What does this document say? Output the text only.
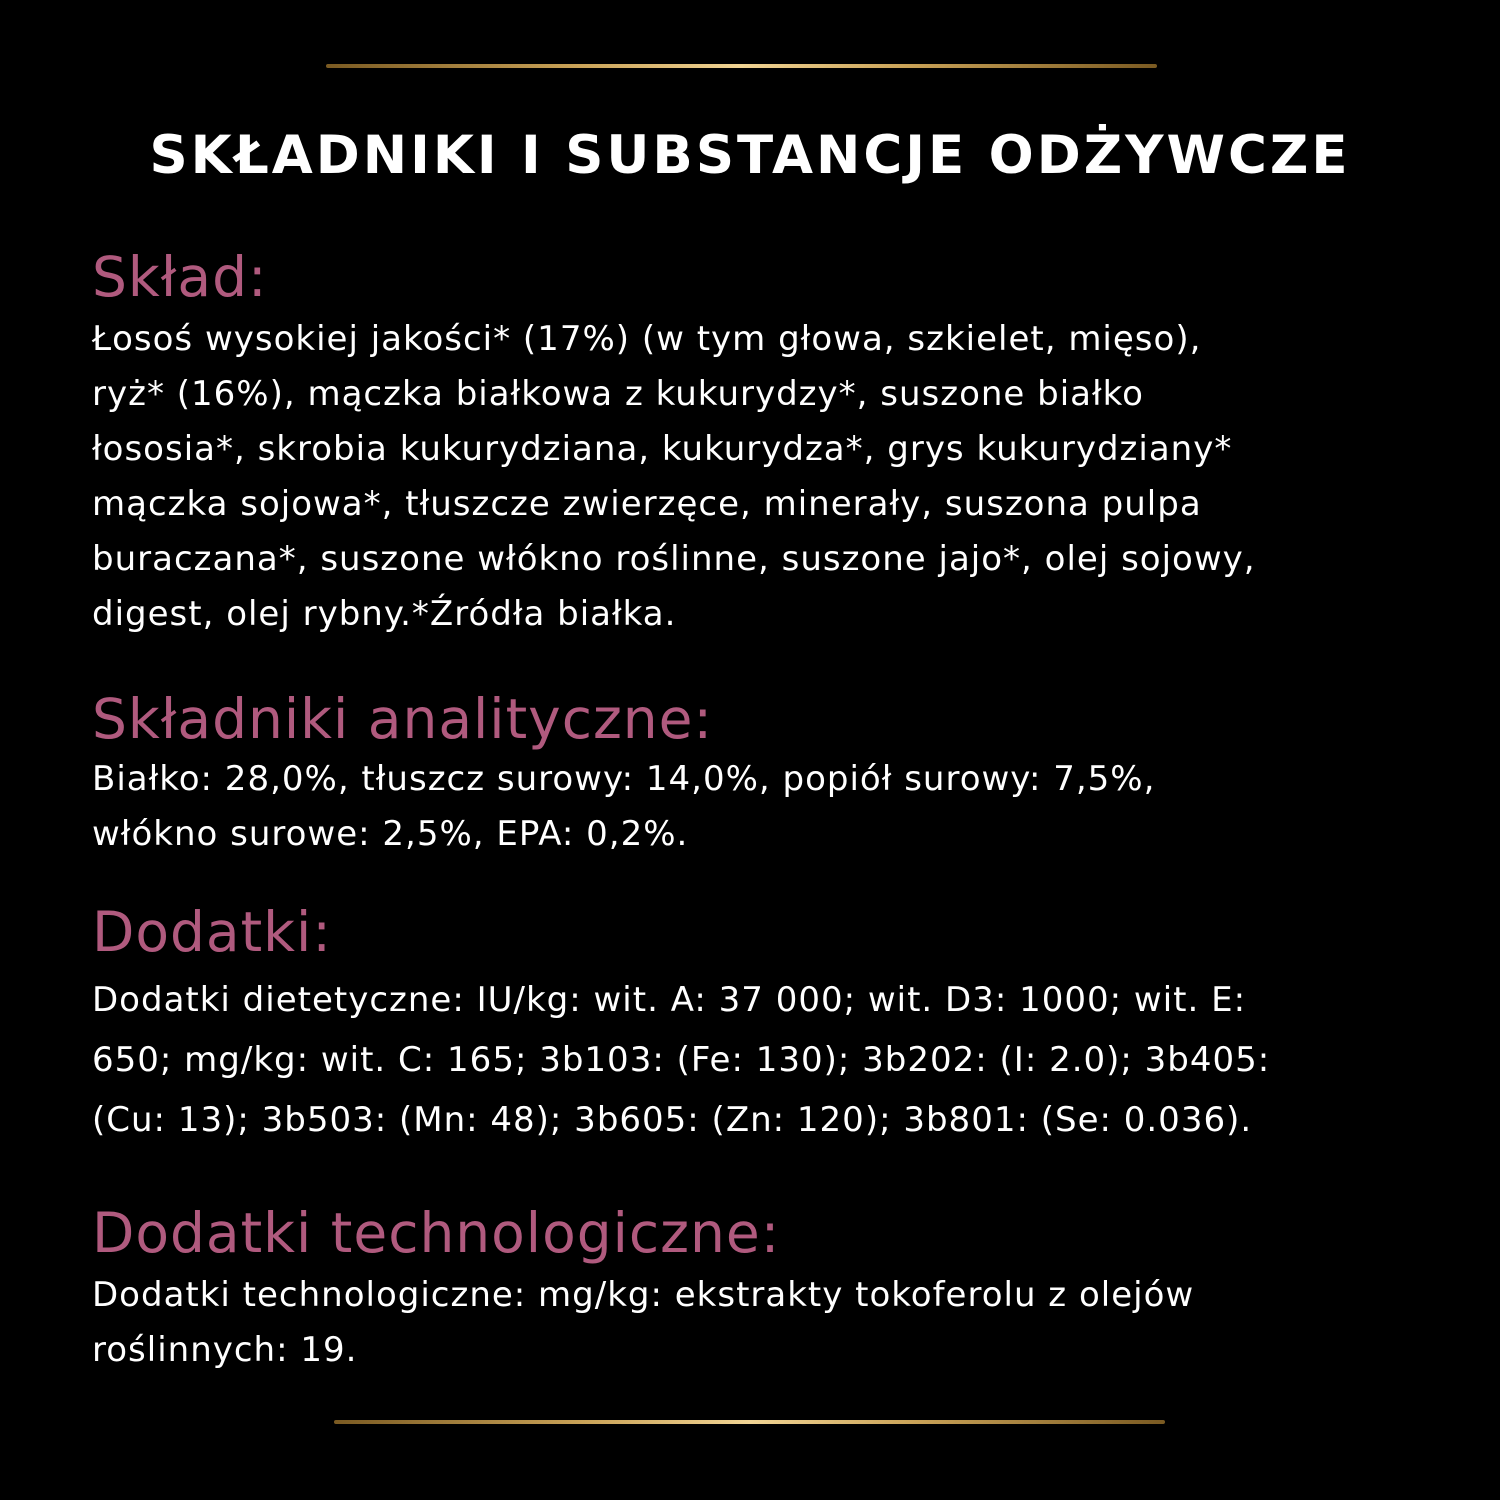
SKŁADNIKI I SUBSTANCJE ODŻYWCZE
Skład:
Łosoś wysokiej jakości* (17%) (w tym głowa, szkielet, mięso),
ryż* (16%), mączka białkowa z kukurydzy*, suszone białko
łososia*, skrobia kukurydziana, kukurydza*, grys kukurydziany*
mączka sojowa*, tłuszcze zwierzęce, minerały, suszona pulpa
buraczana*, suszone włókno roślinne, suszone jajo*, olej sojowy,
digest, olej rybny.*Źródła białka.
Składniki analityczne:
Białko: 28,0%, tłuszcz surowy: 14,0%, popiół surowy: 7,5%,
włókno surowe: 2,5%, EPA: 0,2%.
Dodatki:
Dodatki dietetyczne: IU/kg: wit. A: 37 000; wit. D3: 1000; wit. E:
650; mg/kg: wit. C: 165; 3b103: (Fe: 130); 3b202: (I: 2.0); 3b405:
(Cu: 13); 3b503: (Mn: 48); 3b605: (Zn: 120); 3b801: (Se: 0.036).
Dodatki technologiczne:
Dodatki technologiczne: mg/kg: ekstrakty tokoferolu z olejów
roślinnych: 19.
